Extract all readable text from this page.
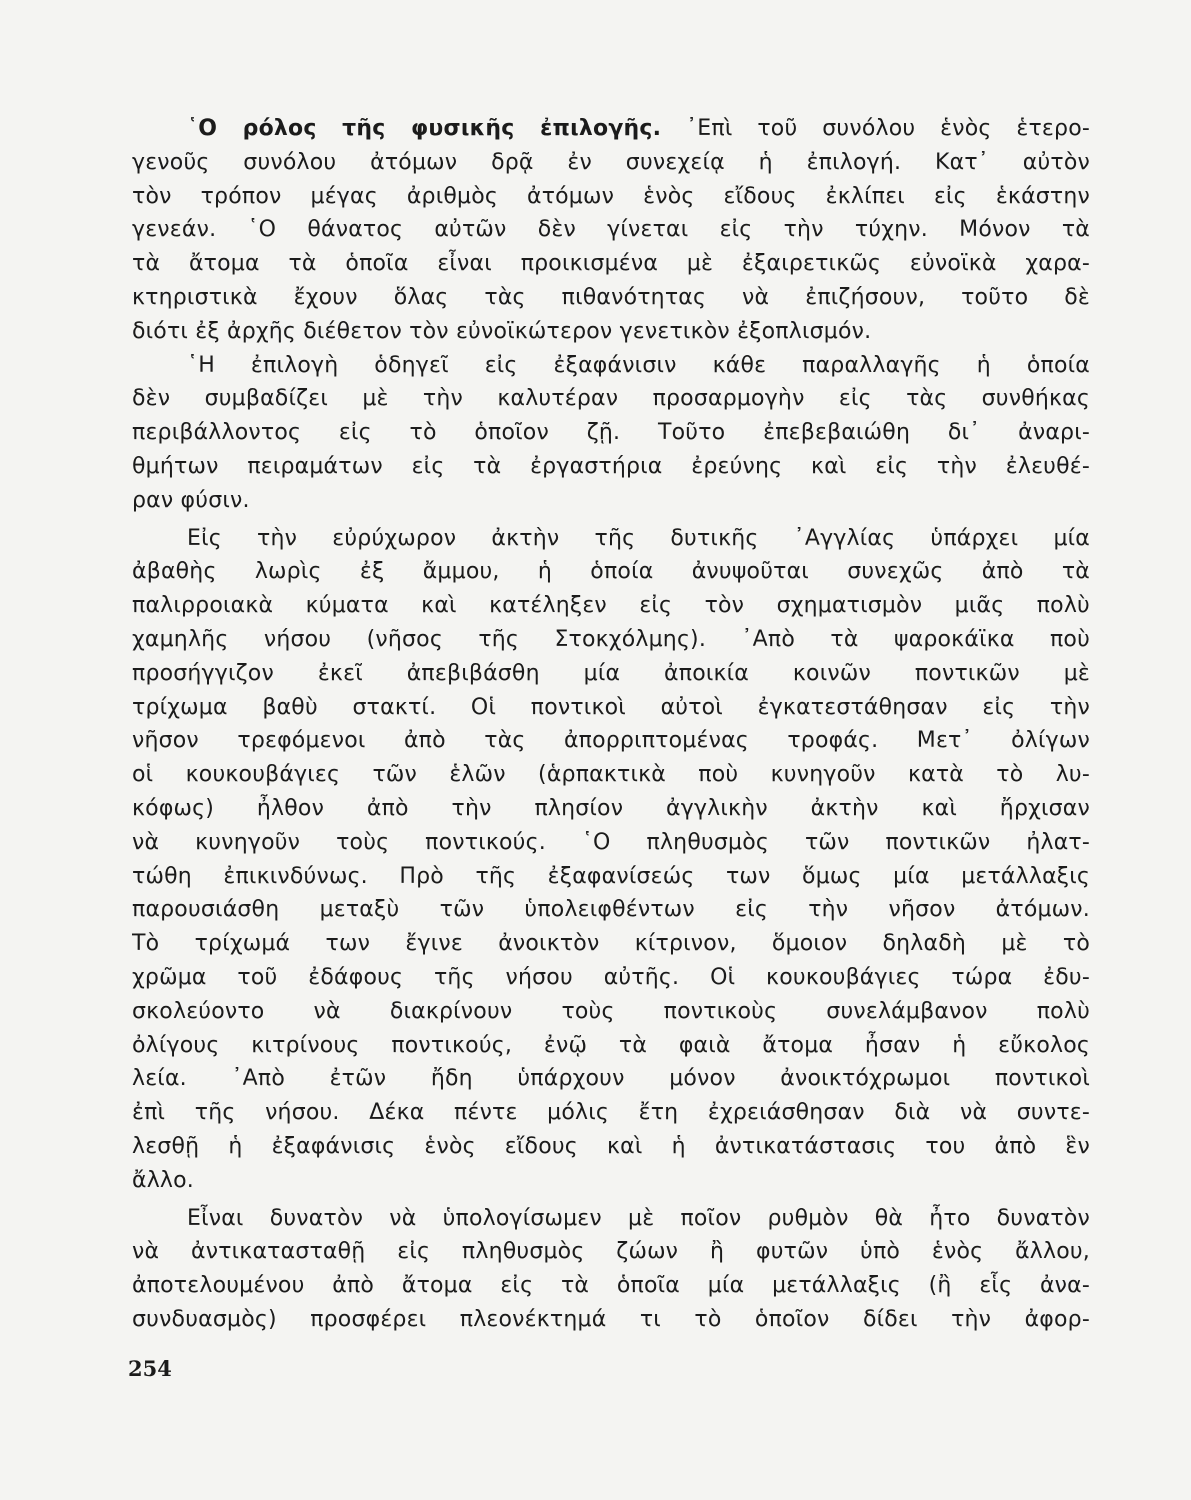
῾Ο ρόλος τῆς φυσικῆς ἐπιλογῆς. ᾽Επὶ τοῦ συνόλου ἑνὸς ἑτερο-
γενοῦς συνόλου ἀτόμων δρᾷ ἐν συνεχείᾳ ἡ ἐπιλογή. Κατ᾽ αὐτὸν
τὸν τρόπον μέγας ἀριθμὸς ἀτόμων ἑνὸς εἴδους ἐκλίπει εἰς ἑκάστην
γενεάν. ῾Ο θάνατος αὐτῶν δὲν γίνεται εἰς τὴν τύχην. Μόνον τὰ
τὰ ἄτομα τὰ ὁποῖα εἶναι προικισμένα μὲ ἐξαιρετικῶς εὐνοϊκὰ χαρα-
κτηριστικὰ ἔχουν ὅλας τὰς πιθανότητας νὰ ἐπιζήσουν, τοῦτο δὲ
διότι ἐξ ἀρχῆς διέθετον τὸν εὐνοϊκώτερον γενετικὸν ἐξοπλισμόν.
῾Η ἐπιλογὴ ὁδηγεῖ εἰς ἐξαφάνισιν κάθε παραλλαγῆς ἡ ὁποία
δὲν συμβαδίζει μὲ τὴν καλυτέραν προσαρμογὴν εἰς τὰς συνθήκας
περιβάλλοντος εἰς τὸ ὁποῖον ζῇ. Τοῦτο ἐπεβεβαιώθη δι᾽ ἀναρι-
θμήτων πειραμάτων εἰς τὰ ἐργαστήρια ἐρεύνης καὶ εἰς τὴν ἐλευθέ-
ραν φύσιν.
Εἰς τὴν εὐρύχωρον ἀκτὴν τῆς δυτικῆς ᾽Αγγλίας ὑπάρχει μία
ἀβαθὴς λωρὶς ἐξ ἄμμου, ἡ ὁποία ἀνυψοῦται συνεχῶς ἀπὸ τὰ
παλιρροιακὰ κύματα καὶ κατέληξεν εἰς τὸν σχηματισμὸν μιᾶς πολὺ
χαμηλῆς νήσου (νῆσος τῆς Στοκχόλμης). ᾽Απὸ τὰ ψαροκάϊκα ποὺ
προσήγγιζον ἐκεῖ ἀπεβιβάσθη μία ἀποικία κοινῶν ποντικῶν μὲ
τρίχωμα βαθὺ στακτί. Οἱ ποντικοὶ αὐτοὶ ἐγκατεστάθησαν εἰς τὴν
νῆσον τρεφόμενοι ἀπὸ τὰς ἀπορριπτομένας τροφάς. Μετ᾽ ὀλίγων
οἱ κουκουβάγιες τῶν ἑλῶν (ἁρπακτικὰ ποὺ κυνηγοῦν κατὰ τὸ λυ-
κόφως) ἦλθον ἀπὸ τὴν πλησίον ἀγγλικὴν ἀκτὴν καὶ ἤρχισαν
νὰ κυνηγοῦν τοὺς ποντικούς. ῾Ο πληθυσμὸς τῶν ποντικῶν ἠλατ-
τώθη ἐπικινδύνως. Πρὸ τῆς ἐξαφανίσεώς των ὅμως μία μετάλλαξις
παρουσιάσθη μεταξὺ τῶν ὑπολειφθέντων εἰς τὴν νῆσον ἀτόμων.
Τὸ τρίχωμά των ἔγινε ἀνοικτὸν κίτρινον, ὅμοιον δηλαδὴ μὲ τὸ
χρῶμα τοῦ ἐδάφους τῆς νήσου αὐτῆς. Οἱ κουκουβάγιες τώρα ἐδυ-
σκολεύοντο νὰ διακρίνουν τοὺς ποντικοὺς συνελάμβανον πολὺ
ὀλίγους κιτρίνους ποντικούς, ἐνῷ τὰ φαιὰ ἄτομα ἦσαν ἡ εὔκολος
λεία. ᾽Απὸ ἐτῶν ἤδη ὑπάρχουν μόνον ἀνοικτόχρωμοι ποντικοὶ
ἐπὶ τῆς νήσου. Δέκα πέντε μόλις ἔτη ἐχρειάσθησαν διὰ νὰ συντε-
λεσθῇ ἡ ἐξαφάνισις ἑνὸς εἴδους καὶ ἡ ἀντικατάστασις του ἀπὸ ἓν
ἄλλο.
Εἶναι δυνατὸν νὰ ὑπολογίσωμεν μὲ ποῖον ρυθμὸν θὰ ἦτο δυνατὸν
νὰ ἀντικατασταθῇ εἰς πληθυσμὸς ζώων ἢ φυτῶν ὑπὸ ἑνὸς ἄλλου,
ἀποτελουμένου ἀπὸ ἄτομα εἰς τὰ ὁποῖα μία μετάλλαξις (ἢ εἷς ἀνα-
συνδυασμὸς) προσφέρει πλεονέκτημά τι τὸ ὁποῖον δίδει τὴν ἀφορ-
254
